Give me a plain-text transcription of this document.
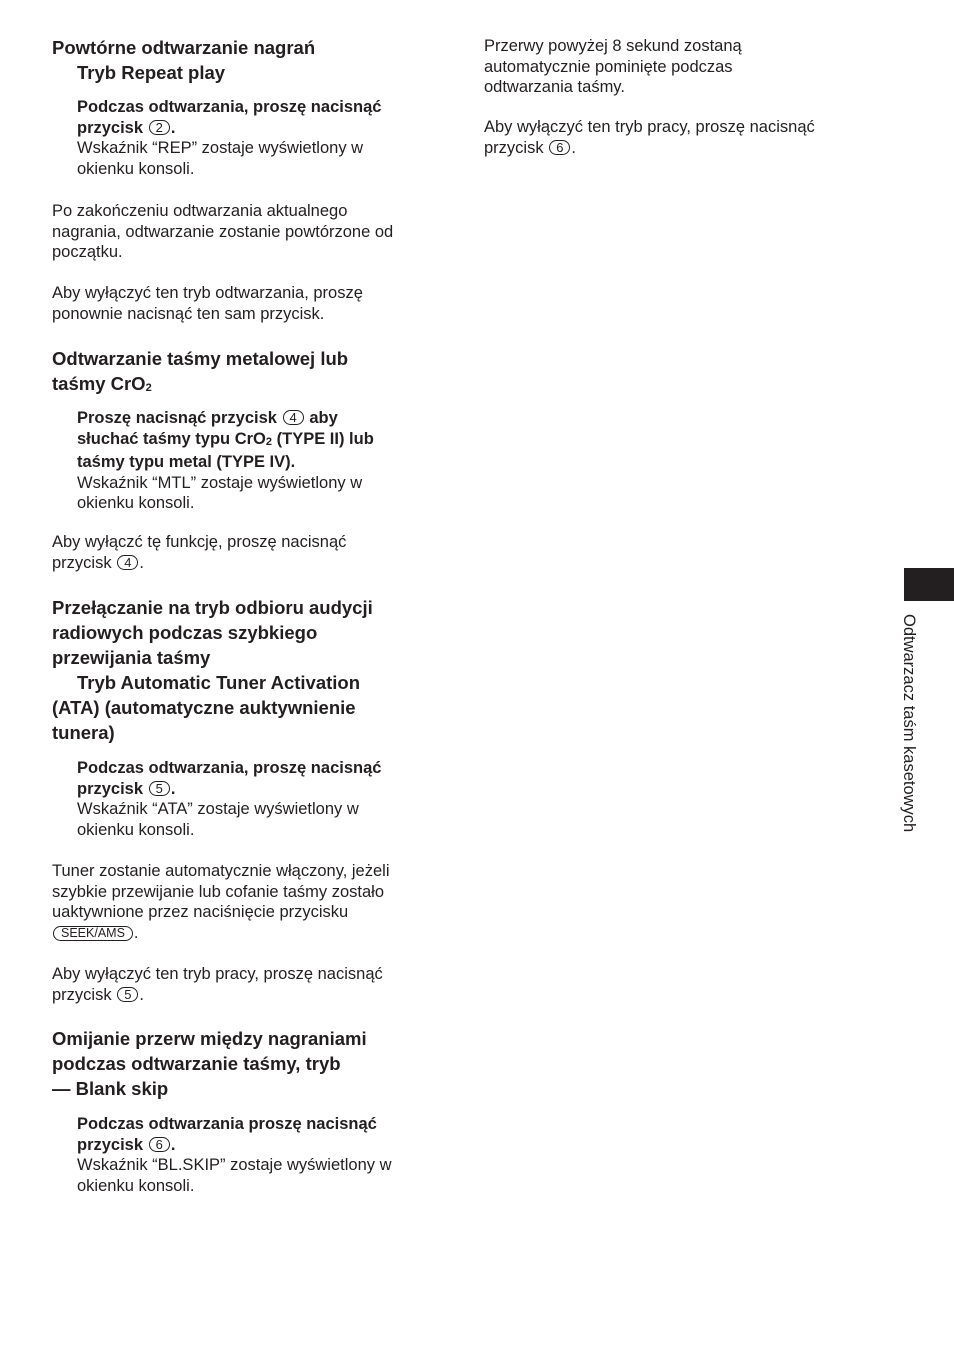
Powtórne odtwarzanie nagrań
Tryb Repeat play
Podczas odtwarzania, proszę nacisnąć
przycisk 2 .
Wskaźnik “REP” zostaje wyświetlony w
okienku konsoli.
Po zakończeniu odtwarzania aktualnego
nagrania, odtwarzanie zostanie powtórzone od
początku.
Aby wyłączyć ten tryb odtwarzania, proszę
ponownie nacisnąć ten sam przycisk.
Odtwarzanie taśmy metalowej lub
taśmy CrO$_2$
Proszę nacisnąć przycisk 4 aby
słuchać taśmy typu CrO$_2$ (TYPE II) lub
taśmy typu metal (TYPE IV).
Wskaźnik “MTL” zostaje wyświetlony w
okienku konsoli.
Aby wyłączć tę funkcję, proszę nacisnąć
przycisk 4 .
Przełączanie na tryb odbioru audycji
radiowych podczas szybkiego
przewijania taśmy
Tryb Automatic Tuner Activation
(ATA) (automatyczne auktywnienie
tunera)
Podczas odtwarzania, proszę nacisnąć
przycisk 5 .
Wskaźnik “ATA” zostaje wyświetlony w
okienku konsoli.
Tuner zostanie automatycznie włączony, jeżeli
szybkie przewijanie lub cofanie taśmy zostało
uaktywnione przez naciśnięcie przycisku
SEEK/AMS .
Aby wyłączyć ten tryb pracy, proszę nacisnąć
przycisk 5 .
Omijanie przerw między nagraniami
podczas odtwarzanie taśmy, tryb
— Blank skip
Podczas odtwarzania proszę nacisnąć
przycisk 6 .
Wskaźnik “BL.SKIP” zostaje wyświetlony w
okienku konsoli.
Przerwy powyżej 8 sekund zostaną
automatycznie pominięte podczas
odtwarzania taśmy.
Aby wyłączyć ten tryb pracy, proszę nacisnąć
przycisk 6 .
Odtwarzacz taśm kasetowych
